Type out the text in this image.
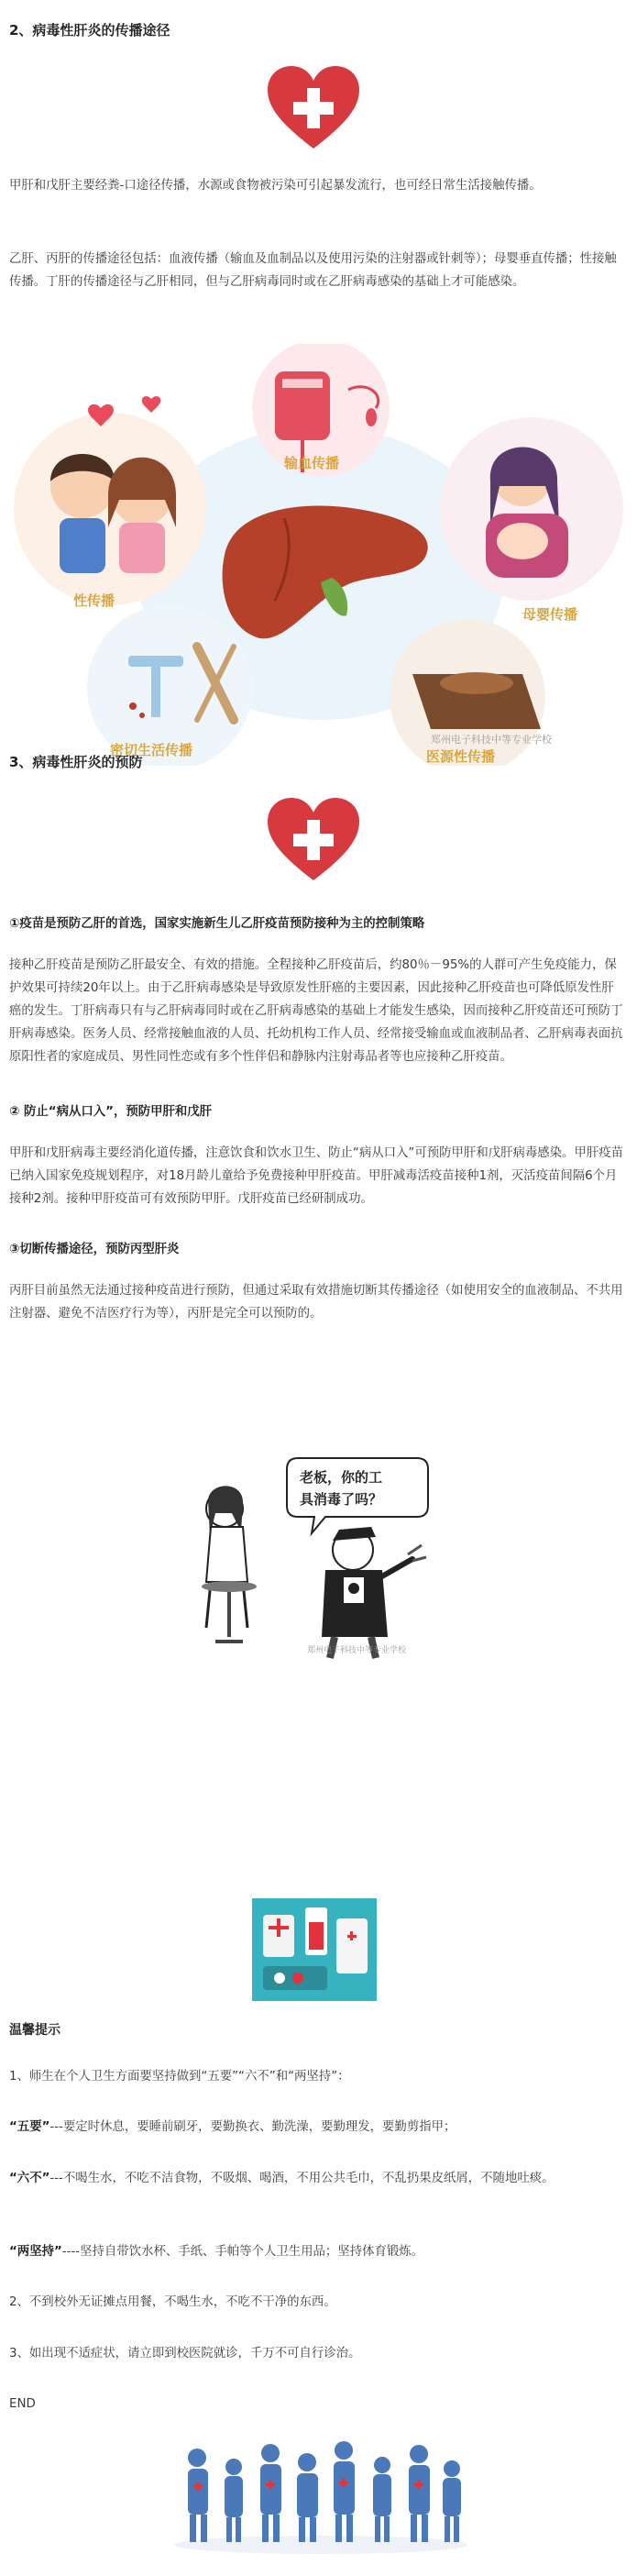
2、病毒性肝炎的传播途径

甲肝和戊肝主要经粪-口途径传播，水源或食物被污染可引起暴发流行，也可经日常生活接触传播。

乙肝、丙肝的传播途径包括：血液传播（输血及血制品以及使用污染的注射器或针刺等）；母婴垂直传播；性接触传播。丁肝的传播途径与乙肝相同，但与乙肝病毒同时或在乙肝病毒感染的基础上才可能感染。

输血传播
性传播
母婴传播
密切生活传播	医源性传播
郑州电子科技中等专业学校
3、病毒性肝炎的预防

①疫苗是预防乙肝的首选，国家实施新生儿乙肝疫苗预防接种为主的控制策略

接种乙肝疫苗是预防乙肝最安全、有效的措施。全程接种乙肝疫苗后，约80％－95%的人群可产生免疫能力，保护效果可持续20年以上。由于乙肝病毒感染是导致原发性肝癌的主要因素，因此接种乙肝疫苗也可降低原发性肝癌的发生。丁肝病毒只有与乙肝病毒同时或在乙肝病毒感染的基础上才能发生感染，因而接种乙肝疫苗还可预防丁肝病毒感染。医务人员、经常接触血液的人员、托幼机构工作人员、经常接受输血或血液制品者、乙肝病毒表面抗原阳性者的家庭成员、男性同性恋或有多个性伴侣和静脉内注射毒品者等也应接种乙肝疫苗。

② 防止“病从口入”，预防甲肝和戊肝

甲肝和戊肝病毒主要经消化道传播，注意饮食和饮水卫生、防止“病从口入”可预防甲肝和戊肝病毒感染。甲肝疫苗已纳入国家免疫规划程序，对18月龄儿童给予免费接种甲肝疫苗。甲肝减毒活疫苗接种1剂，灭活疫苗间隔6个月接种2剂。接种甲肝疫苗可有效预防甲肝。戊肝疫苗已经研制成功。

③切断传播途径，预防丙型肝炎

丙肝目前虽然无法通过接种疫苗进行预防，但通过采取有效措施切断其传播途径（如使用安全的血液制品、不共用注射器、避免不洁医疗行为等），丙肝是完全可以预防的。

老板，你的工
具消毒了吗？
郑州电子科技中等专业学校
温馨提示

1、师生在个人卫生方面要坚持做到“五要”“六不”和“两坚持”：

“五要”---要定时休息，要睡前刷牙，要勤换衣、勤洗澡，要勤理发，要勤剪指甲；

“六不”---不喝生水，不吃不洁食物，不吸烟、喝酒，不用公共毛巾，不乱扔果皮纸屑，不随地吐痰。

“两坚持”----坚持自带饮水杯、手纸、手帕等个人卫生用品；坚持体育锻炼。

2、不到校外无证摊点用餐，不喝生水，不吃不干净的东西。

3、如出现不适症状，请立即到校医院就诊，千万不可自行诊治。

END
